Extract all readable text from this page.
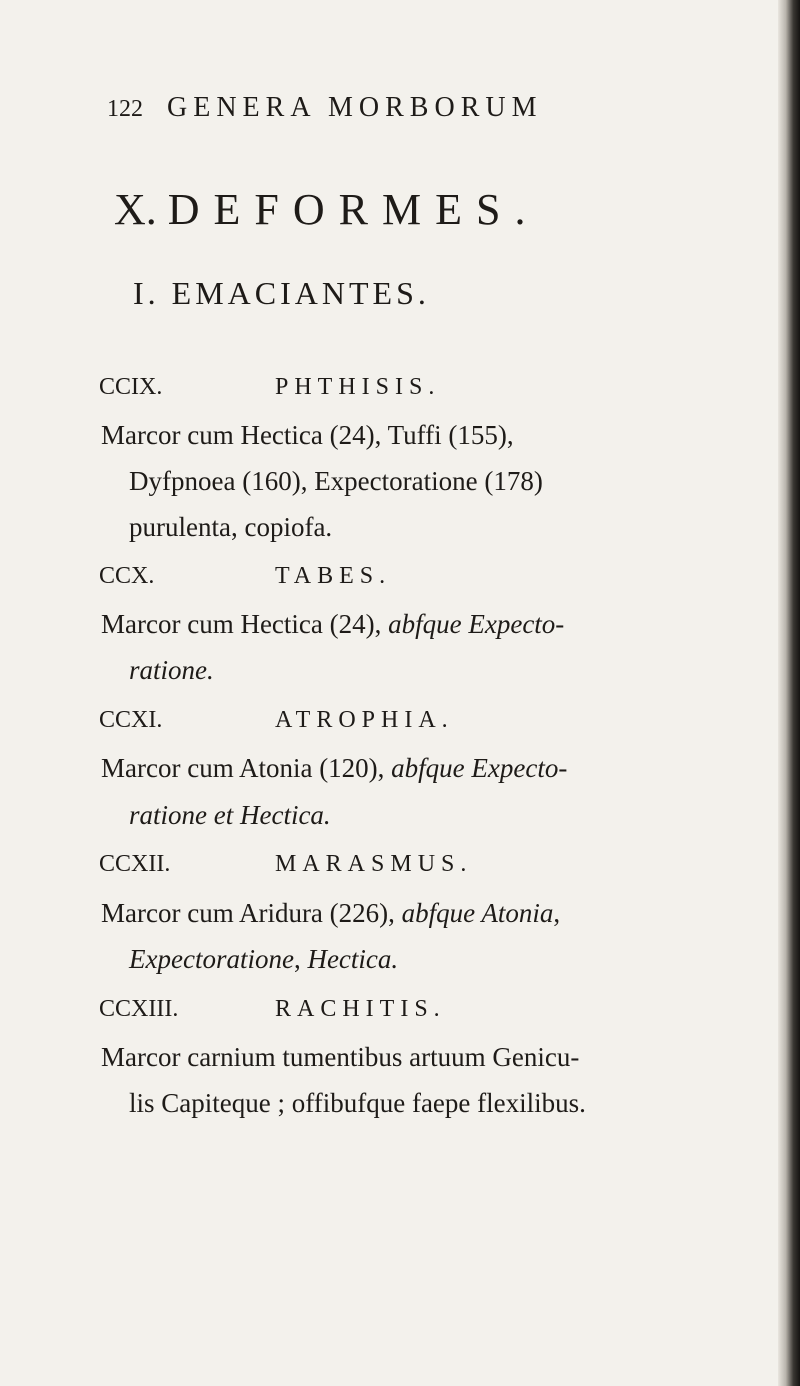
122 GENERA MORBORUM
X. DEFORMES.
I. EMACIANTES.
CCIX.	PHTHISIS.
Marcor cum Hectica (24), Tuffi (155),
Dyfpnoea (160), Expectoratione (178)
purulenta, copiofa.
CCX.	TABES.
Marcor cum Hectica (24), abfque Expecto-
ratione.
CCXI.	ATROPHIA.
Marcor cum Atonia (120), abfque Expecto-
ratione et Hectica.
CCXII.	MARASMUS.
Marcor cum Aridura (226), abfque Atonia,
Expectoratione, Hectica.
CCXIII.	RACHITIS.
Marcor carnium tumentibus artuum Genicu-
lis Capiteque ; offibufque faepe flexilibus.
